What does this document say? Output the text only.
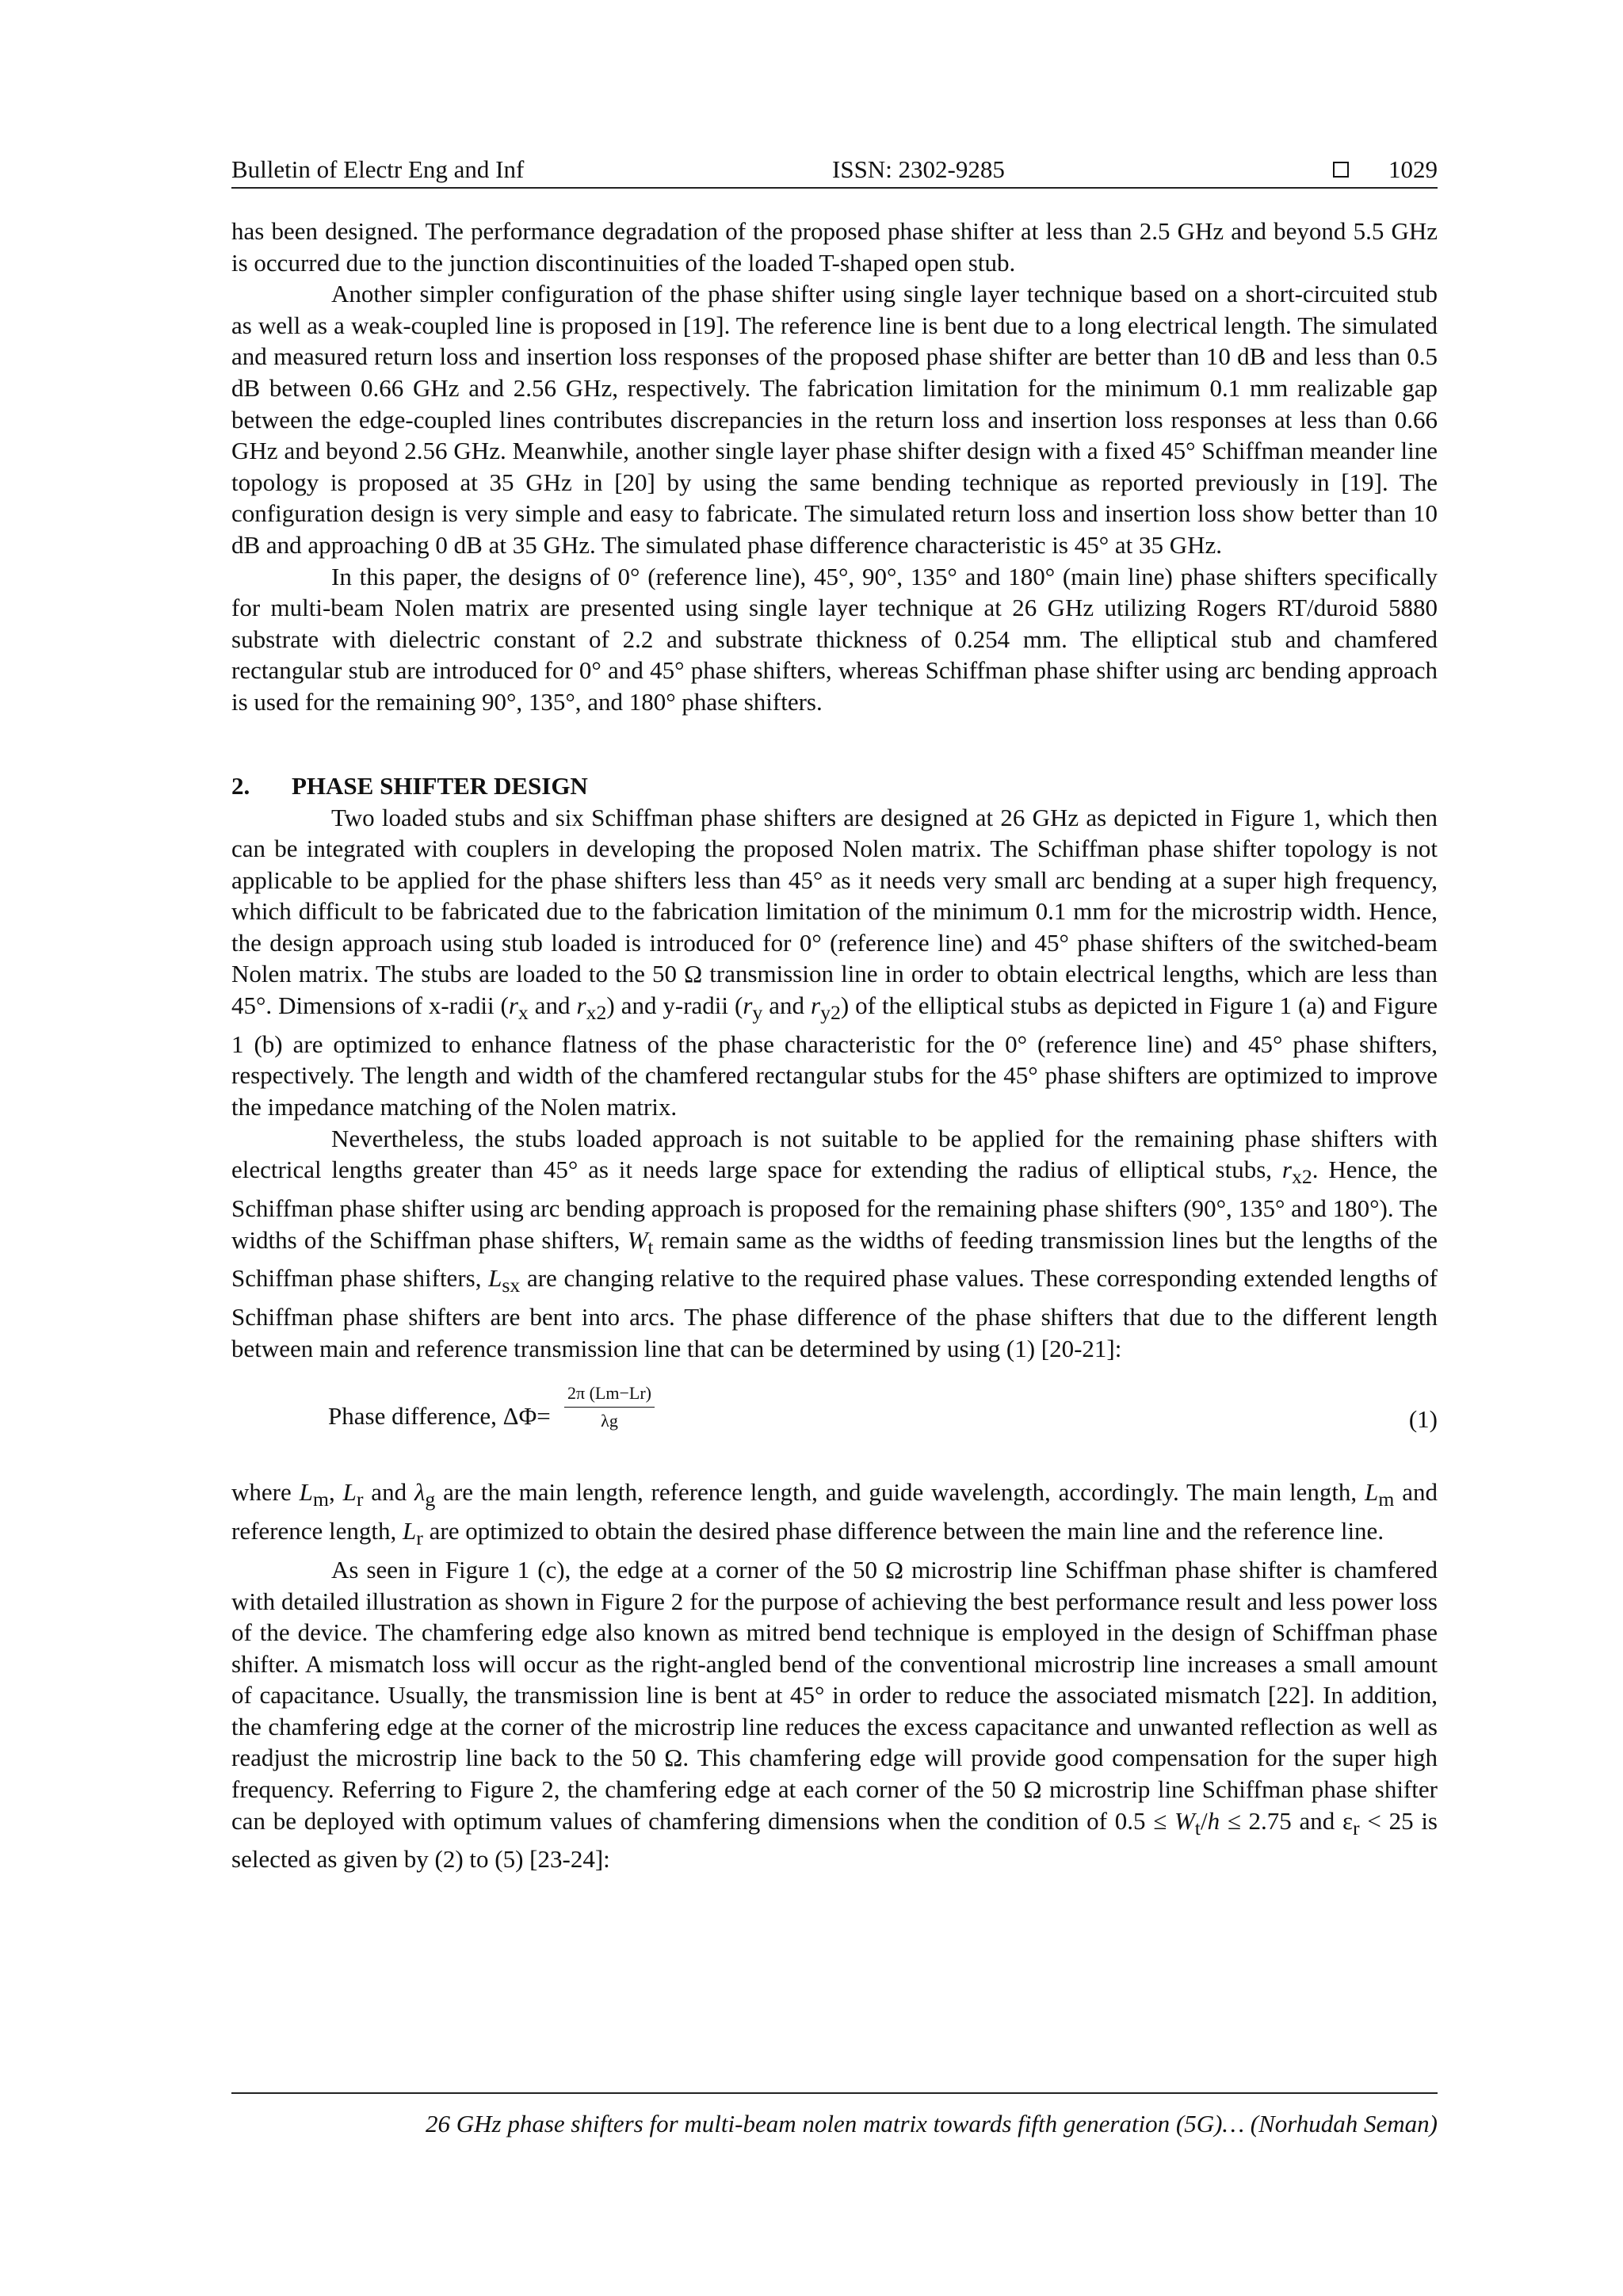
Bulletin of Electr Eng and Inf	ISSN: 2302-9285	1029

has been designed. The performance degradation of the proposed phase shifter at less than 2.5 GHz and beyond 5.5 GHz is occurred due to the junction discontinuities of the loaded T-shaped open stub.

Another simpler configuration of the phase shifter using single layer technique based on a short-circuited stub as well as a weak-coupled line is proposed in [19]. The reference line is bent due to a long electrical length. The simulated and measured return loss and insertion loss responses of the proposed phase shifter are better than 10 dB and less than 0.5 dB between 0.66 GHz and 2.56 GHz, respectively. The fabrication limitation for the minimum 0.1 mm realizable gap between the edge-coupled lines contributes discrepancies in the return loss and insertion loss responses at less than 0.66 GHz and beyond 2.56 GHz. Meanwhile, another single layer phase shifter design with a fixed 45° Schiffman meander line topology is proposed at 35 GHz in [20] by using the same bending technique as reported previously in [19]. The configuration design is very simple and easy to fabricate. The simulated return loss and insertion loss show better than 10 dB and approaching 0 dB at 35 GHz. The simulated phase difference characteristic is 45° at 35 GHz.

In this paper, the designs of 0° (reference line), 45°, 90°, 135° and 180° (main line) phase shifters specifically for multi-beam Nolen matrix are presented using single layer technique at 26 GHz utilizing Rogers RT/duroid 5880 substrate with dielectric constant of 2.2 and substrate thickness of 0.254 mm. The elliptical stub and chamfered rectangular stub are introduced for 0° and 45° phase shifters, whereas Schiffman phase shifter using arc bending approach is used for the remaining 90°, 135°, and 180° phase shifters.

2. PHASE SHIFTER DESIGN

Two loaded stubs and six Schiffman phase shifters are designed at 26 GHz as depicted in Figure 1, which then can be integrated with couplers in developing the proposed Nolen matrix. The Schiffman phase shifter topology is not applicable to be applied for the phase shifters less than 45° as it needs very small arc bending at a super high frequency, which difficult to be fabricated due to the fabrication limitation of the minimum 0.1 mm for the microstrip width. Hence, the design approach using stub loaded is introduced for 0° (reference line) and 45° phase shifters of the switched-beam Nolen matrix. The stubs are loaded to the 50 Ω transmission line in order to obtain electrical lengths, which are less than 45°. Dimensions of x-radii ($r_x$ and $r_{x2}$) and y-radii ($r_y$ and $r_{y2}$) of the elliptical stubs as depicted in Figure 1 (a) and Figure 1 (b) are optimized to enhance flatness of the phase characteristic for the 0° (reference line) and 45° phase shifters, respectively. The length and width of the chamfered rectangular stubs for the 45° phase shifters are optimized to improve the impedance matching of the Nolen matrix.

Nevertheless, the stubs loaded approach is not suitable to be applied for the remaining phase shifters with electrical lengths greater than 45° as it needs large space for extending the radius of elliptical stubs, $r_{x2}$. Hence, the Schiffman phase shifter using arc bending approach is proposed for the remaining phase shifters (90°, 135° and 180°). The widths of the Schiffman phase shifters, $W_t$ remain same as the widths of feeding transmission lines but the lengths of the Schiffman phase shifters, $L_{sx}$ are changing relative to the required phase values. These corresponding extended lengths of Schiffman phase shifters are bent into arcs. The phase difference of the phase shifters that due to the different length between main and reference transmission line that can be determined by using (1) [20-21]:

Phase difference, $\Delta\Phi= \frac{2\pi (Lm-Lr)}{\lambda g}$	(1)

where $L_m$, $L_r$ and $\lambda_g$ are the main length, reference length, and guide wavelength, accordingly. The main length, $L_m$ and reference length, $L_r$ are optimized to obtain the desired phase difference between the main line and the reference line.

As seen in Figure 1 (c), the edge at a corner of the 50 Ω microstrip line Schiffman phase shifter is chamfered with detailed illustration as shown in Figure 2 for the purpose of achieving the best performance result and less power loss of the device. The chamfering edge also known as mitred bend technique is employed in the design of Schiffman phase shifter. A mismatch loss will occur as the right-angled bend of the conventional microstrip line increases a small amount of capacitance. Usually, the transmission line is bent at 45° in order to reduce the associated mismatch [22]. In addition, the chamfering edge at the corner of the microstrip line reduces the excess capacitance and unwanted reflection as well as readjust the microstrip line back to the 50 Ω. This chamfering edge will provide good compensation for the super high frequency. Referring to Figure 2, the chamfering edge at each corner of the 50 Ω microstrip line Schiffman phase shifter can be deployed with optimum values of chamfering dimensions when the condition of $0.5 \le W_t/h \le 2.75$ and $\varepsilon_r < 25$ is selected as given by (2) to (5) [23-24]:

26 GHz phase shifters for multi-beam nolen matrix towards fifth generation (5G)… (Norhudah Seman)
